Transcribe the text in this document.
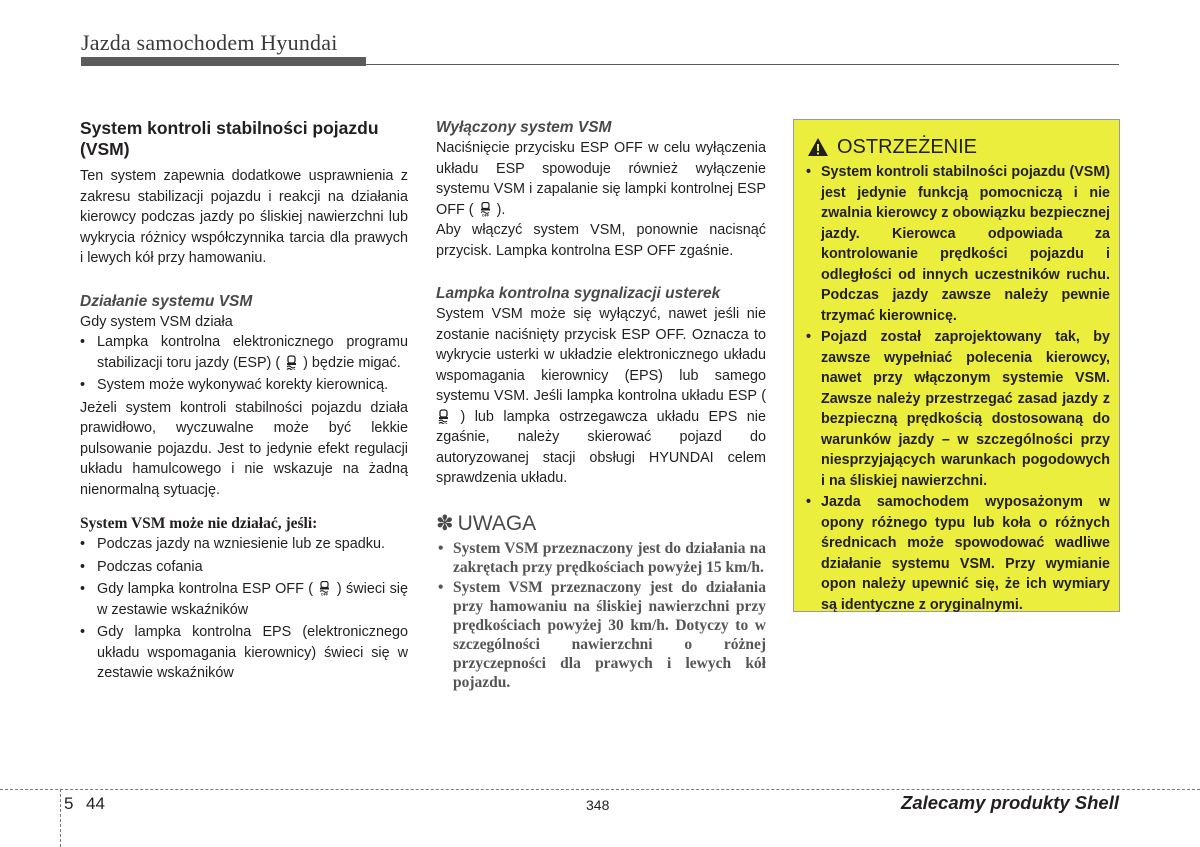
Jazda samochodem Hyundai
System kontroli stabilności pojazdu (VSM)

Ten system zapewnia dodatkowe usprawnienia z zakresu stabilizacji pojazdu i reakcji na działania kierowcy podczas jazdy po śliskiej nawierzchni lub wykrycia różnicy współczynnika tarcia dla prawych i lewych kół przy hamowaniu.

Działanie systemu VSM

Gdy system VSM działa

• Lampka kontrolna elektronicznego programu stabilizacji toru jazdy (ESP) ( ) będzie migać.
• System może wykonywać korekty kierownicą.

Jeżeli system kontroli stabilności pojazdu działa prawidłowo, wyczuwalne może być lekkie pulsowanie pojazdu. Jest to jedynie efekt regulacji układu hamulcowego i nie wskazuje na żadną nienormalną sytuację.

System VSM może nie działać, jeśli:
• Podczas jazdy na wzniesienie lub ze spadku.
• Podczas cofania
• Gdy lampka kontrolna ESP OFF ( OFF ) świeci się w zestawie wskaźników
• Gdy lampka kontrolna EPS (elektronicznego układu wspomagania kierownicy) świeci się w zestawie wskaźników
Wyłączony system VSM

Naciśnięcie przycisku ESP OFF w celu wyłączenia układu ESP spowoduje również wyłączenie systemu VSM i zapalanie się lampki kontrolnej ESP OFF ( OFF ).

Aby włączyć system VSM, ponownie nacisnąć przycisk. Lampka kontrolna ESP OFF zgaśnie.

Lampka kontrolna sygnalizacji usterek

System VSM może się wyłączyć, nawet jeśli nie zostanie naciśnięty przycisk ESP OFF. Oznacza to wykrycie usterki w układzie elektronicznego układu wspomagania kierownicy (EPS) lub samego systemu VSM. Jeśli lampka kontrolna układu ESP (  ) lub lampka ostrzegawcza układu EPS nie zgaśnie, należy skierować pojazd do autoryzowanej stacji obsługi HYUNDAI celem sprawdzenia układu.

✽ UWAGA
• System VSM przeznaczony jest do działania na zakrętach przy prędkościach powyżej 15 km/h.
• System VSM przeznaczony jest do działania przy hamowaniu na śliskiej nawierzchni przy prędkościach powyżej 30 km/h. Dotyczy to w szczególności nawierzchni o różnej przyczepności dla prawych i lewych kół pojazdu.
OSTRZEŻENIE
• System kontroli stabilności pojazdu (VSM) jest jedynie funkcją pomocniczą i nie zwalnia kierowcy z obowiązku bezpiecznej jazdy. Kierowca odpowiada za kontrolowanie prędkości pojazdu i odległości od innych uczestników ruchu. Podczas jazdy zawsze należy pewnie trzymać kierownicę.
• Pojazd został zaprojektowany tak, by zawsze wypełniać polecenia kierowcy, nawet przy włączonym systemie VSM. Zawsze należy przestrzegać zasad jazdy z bezpieczną prędkością dostosowaną do warunków jazdy – w szczególności przy niesprzyjających warunkach pogodowych i na śliskiej nawierzchni.
• Jazda samochodem wyposażonym w opony różnego typu lub koła o różnych średnicach może spowodować wadliwe działanie systemu VSM. Przy wymianie opon należy upewnić się, że ich wymiary są identyczne z oryginalnymi.
5 44	348	Zalecamy produkty Shell
